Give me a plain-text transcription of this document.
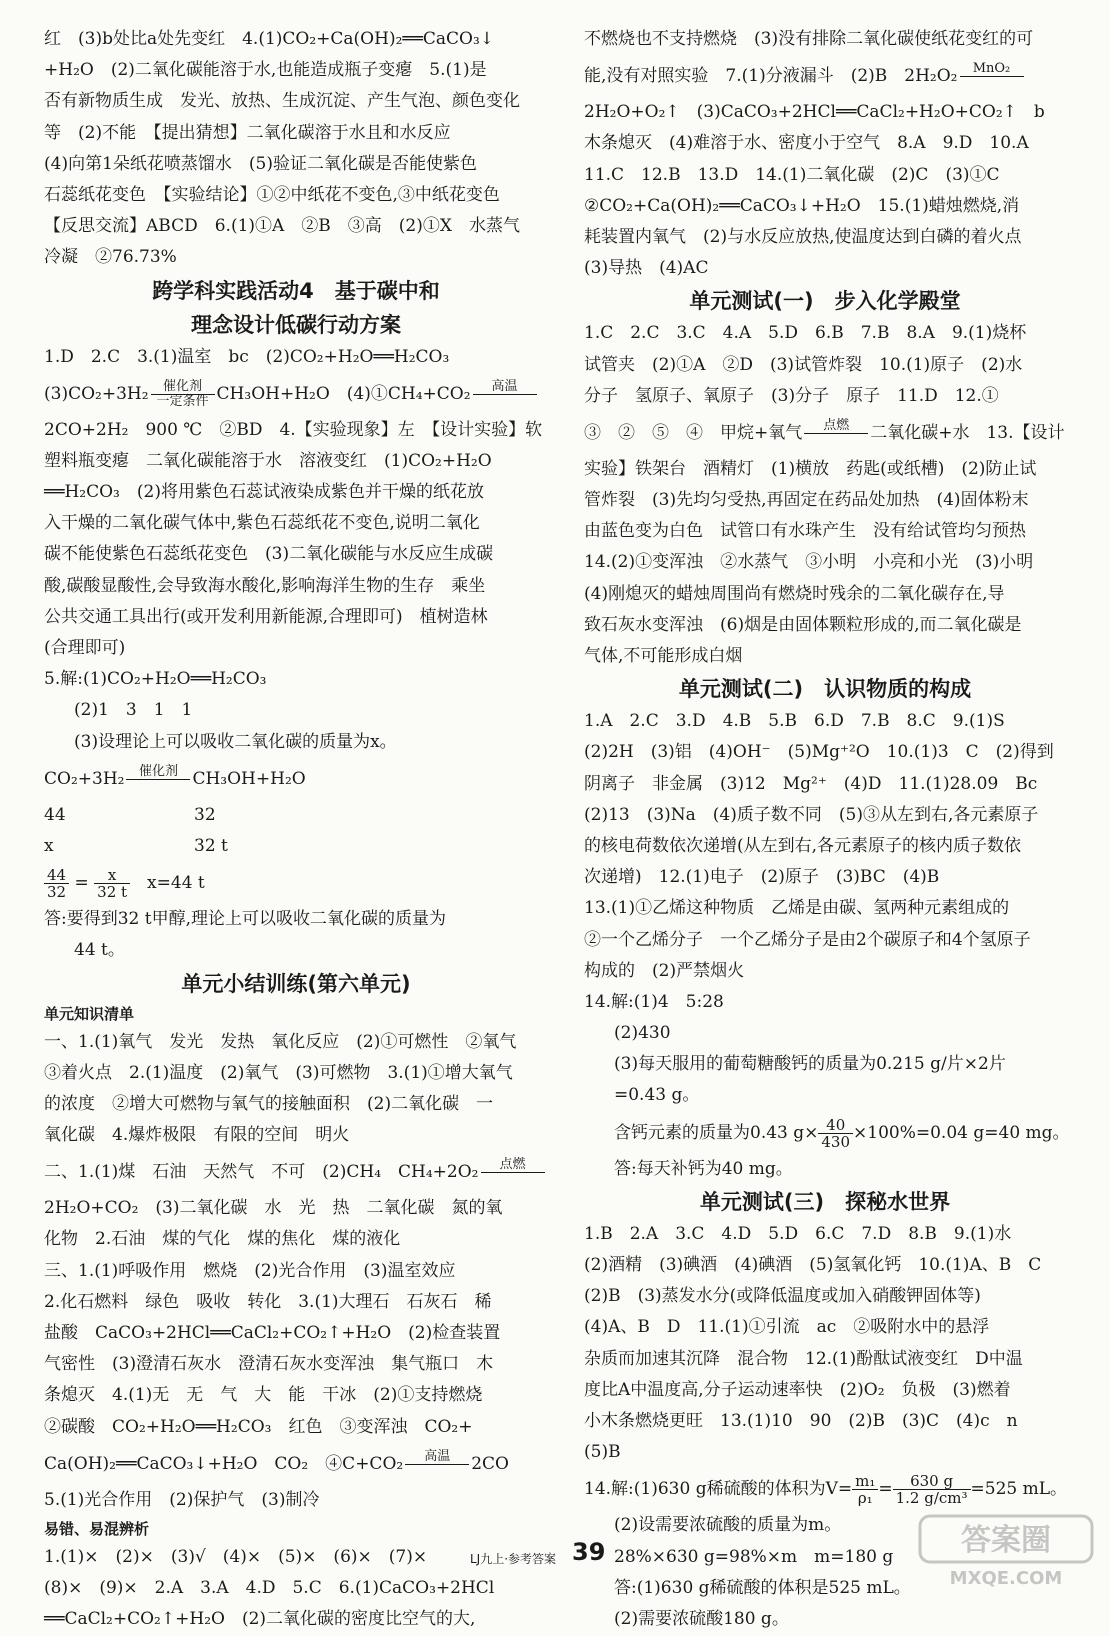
红　(3)b处比a处先变红　4.(1)CO₂+Ca(OH)₂══CaCO₃↓
+H₂O　(2)二氧化碳能溶于水,也能造成瓶子变瘪　5.(1)是
否有新物质生成　发光、放热、生成沉淀、产生气泡、颜色变化
等　(2)不能　【提出猜想】二氧化碳溶于水且和水反应
(4)向第1朵纸花喷蒸馏水　(5)验证二氧化碳是否能使紫色
石蕊纸花变色　【实验结论】①②中纸花不变色,③中纸花变色
【反思交流】ABCD　6.(1)①A　②B　③高　(2)①X　水蒸气
冷凝　②76.73%
跨学科实践活动4　基于碳中和
理念设计低碳行动方案
1.D　2.C　3.(1)温室　bc　(2)CO₂+H₂O══H₂CO₃
(3)CO₂+3H₂	催化剂
一定条件 CH₃OH+H₂O　(4)①CH₄+CO₂	高温

2CO+2H₂　900 ℃　②BD　4.【实验现象】左　【设计实验】软
塑料瓶变瘪　二氧化碳能溶于水　溶液变红　(1)CO₂+H₂O
══H₂CO₃　(2)将用紫色石蕊试液染成紫色并干燥的纸花放
入干燥的二氧化碳气体中,紫色石蕊纸花不变色,说明二氧化
碳不能使紫色石蕊纸花变色　(3)二氧化碳能与水反应生成碳
酸,碳酸显酸性,会导致海水酸化,影响海洋生物的生存　乘坐
公共交通工具出行(或开发利用新能源,合理即可)　植树造林
(合理即可)
5.解:(1)CO₂+H₂O══H₂CO₃
(2)1　3　1　1
(3)设理论上可以吸收二氧化碳的质量为x。
CO₂+3H₂	催化剂
CH₃OH+H₂O
44	32
x	32 t
$\frac{44}{32} = \frac{x}{32 t}$
　 x=44 t
答:要得到32 t甲醇,理论上可以吸收二氧化碳的质量为
44 t。
单元小结训练(第六单元)
单元知识清单
一、1.(1)氧气　发光　发热　氧化反应　(2)①可燃性　②氧气
③着火点　2.(1)温度　(2)氧气　(3)可燃物　3.(1)①增大氧气
的浓度　②增大可燃物与氧气的接触面积　(2)二氧化碳　一
氧化碳　4.爆炸极限　有限的空间　明火
二、1.(1)煤　石油　天然气　不可　(2)CH₄　CH₄+2O₂	点燃

2H₂O+CO₂　(3)二氧化碳　水　光　热　二氧化碳　氮的氧
化物　2.石油　煤的气化　煤的焦化　煤的液化
三、1.(1)呼吸作用　燃烧　(2)光合作用　(3)温室效应
2.化石燃料　绿色　吸收　转化　3.(1)大理石　石灰石　稀
盐酸　CaCO₃+2HCl══CaCl₂+CO₂↑+H₂O　(2)检查装置
气密性　(3)澄清石灰水　澄清石灰水变浑浊　集气瓶口　木
条熄灭　4.(1)无　无　气　大　能　干冰　(2)①支持燃烧
②碳酸　CO₂+H₂O══H₂CO₃　红色　③变浑浊　CO₂+
Ca(OH)₂══CaCO₃↓+H₂O　CO₂　④C+CO₂	高温
	2CO
5.(1)光合作用　(2)保护气　(3)制冷
易错、易混辨析
1.(1)×　(2)×　(3)√　(4)×　(5)×　(6)×　(7)×
(8)×　(9)×　2.A　3.A　4.D　5.C　6.(1)CaCO₃+2HCl
══CaCl₂+CO₂↑+H₂O　(2)二氧化碳的密度比空气的大,
不燃烧也不支持燃烧　(3)没有排除二氧化碳使纸花变红的可
能,没有对照实验　7.(1)分液漏斗　(2)B　2H₂O₂	MnO₂

2H₂O+O₂↑　(3)CaCO₃+2HCl══CaCl₂+H₂O+CO₂↑　b
木条熄灭　(4)难溶于水、密度小于空气　8.A　9.D　10.A
11.C　12.B　13.D　14.(1)二氧化碳　(2)C　(3)①C
②CO₂+Ca(OH)₂══CaCO₃↓+H₂O　15.(1)蜡烛燃烧,消
耗装置内氧气　(2)与水反应放热,使温度达到白磷的着火点
(3)导热　(4)AC
单元测试(一)　步入化学殿堂
1.C　2.C　3.C　4.A　5.D　6.B　7.B　8.A　9.(1)烧杯
试管夹　(2)①A　②D　(3)试管炸裂　10.(1)原子　(2)水
分子　氢原子、氧原子　(3)分子　原子　11.D　12.①
③　②　⑤　④　甲烷+氧气	点燃
	二氧化碳+水　13.【设计
实验】铁架台　酒精灯　(1)横放　药匙(或纸槽)　(2)防止试
管炸裂　(3)先均匀受热,再固定在药品处加热　(4)固体粉末
由蓝色变为白色　试管口有水珠产生　没有给试管均匀预热
14.(2)①变浑浊　②水蒸气　③小明　小亮和小光　(3)小明
(4)刚熄灭的蜡烛周围尚有燃烧时残余的二氧化碳存在,导
致石灰水变浑浊　(6)烟是由固体颗粒形成的,而二氧化碳是
气体,不可能形成白烟
单元测试(二)　认识物质的构成
1.A　2.C　3.D　4.B　5.B　6.D　7.B　8.C　9.(1)S
(2)2H　(3)铝　(4)OH⁻　(5)Mg⁺²O　10.(1)3　C　(2)得到
阴离子　非金属　(3)12　Mg²⁺　(4)D　11.(1)28.09　Bc
(2)13　(3)Na　(4)质子数不同　(5)③从左到右,各元素原子
的核电荷数依次递增(从左到右,各元素原子的核内质子数依
次递增)　12.(1)电子　(2)原子　(3)BC　(4)B
13.(1)①乙烯这种物质　乙烯是由碳、氢两种元素组成的
②一个乙烯分子　一个乙烯分子是由2个碳原子和4个氢原子
构成的　(2)严禁烟火
14.解:(1)4　5:28
(2)430
(3)每天服用的葡萄糖酸钙的质量为0.215 g/片×2片
=0.43 g。
含钙元素的质量为0.43 $g\times \frac{40}{430} \times 100\%=0.04$ g=40 mg。
答:每天补钙为40 mg。
单元测试(三)　探秘水世界
1.B　2.A　3.C　4.D　5.D　6.C　7.D　8.B　9.(1)水
(2)酒精　(3)碘酒　(4)碘酒　(5)氢氧化钙　10.(1)A、B　C
(2)B　(3)蒸发水分(或降低温度或加入硝酸钾固体等)
(4)A、B　D　11.(1)①引流　ac　②吸附水中的悬浮
杂质而加速其沉降　混合物　12.(1)酚酞试液变红　D中温
度比A中温度高,分子运动速率快　(2)O₂　负极　(3)燃着
小木条燃烧更旺　13.(1)10　90　(2)B　(3)C　(4)c　n
(5)B
14.解:(1)630 g稀硫酸的体积为$V= \frac{\text{m₁}}{\text{ρ₁}} = \frac{630 g}{\text{1.2 g/cm³}} =525$ mL。
(2)设需要浓硫酸的质量为m。
28%×630 g=98%×m　m=180 g
答:(1)630 g稀硫酸的体积是525 mL。
(2)需要浓硫酸180 g。
LJ九上·参考答案 39	答案圈
MXQE.COM
